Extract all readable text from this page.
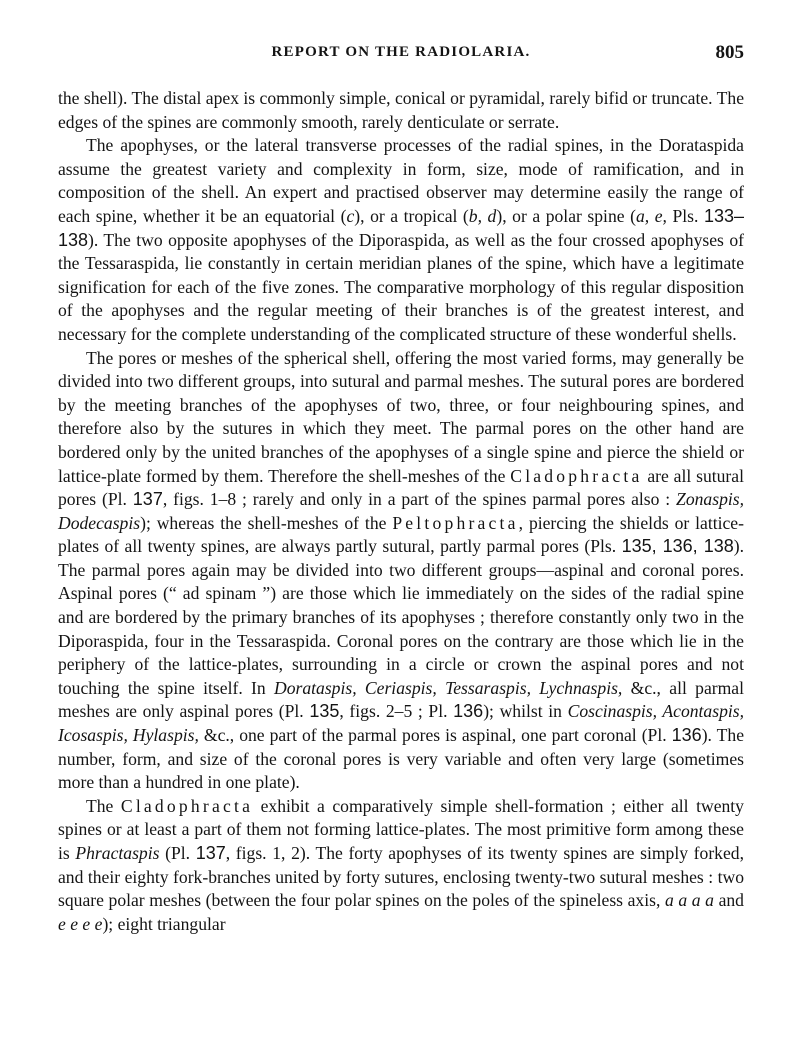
REPORT ON THE RADIOLARIA.	805

the shell). The distal apex is commonly simple, conical or pyramidal, rarely bifid or truncate. The edges of the spines are commonly smooth, rarely denticulate or serrate.

The apophyses, or the lateral transverse processes of the radial spines, in the Dorataspida assume the greatest variety and complexity in form, size, mode of ramification, and in composition of the shell. An expert and practised observer may determine easily the range of each spine, whether it be an equatorial (c), or a tropical (b, d), or a polar spine (a, e, Pls. 133–138). The two opposite apophyses of the Diporaspida, as well as the four crossed apophyses of the Tessaraspida, lie constantly in certain meridian planes of the spine, which have a legitimate signification for each of the five zones. The comparative morphology of this regular disposition of the apophyses and the regular meeting of their branches is of the greatest interest, and necessary for the complete understanding of the complicated structure of these wonderful shells.

The pores or meshes of the spherical shell, offering the most varied forms, may generally be divided into two different groups, into sutural and parmal meshes. The sutural pores are bordered by the meeting branches of the apophyses of two, three, or four neighbouring spines, and therefore also by the sutures in which they meet. The parmal pores on the other hand are bordered only by the united branches of the apophyses of a single spine and pierce the shield or lattice-plate formed by them. Therefore the shell-meshes of the Cladophracta are all sutural pores (Pl. 137, figs. 1–8 ; rarely and only in a part of the spines parmal pores also : Zonaspis, Dodecaspis); whereas the shell-meshes of the Peltophracta, piercing the shields or lattice-plates of all twenty spines, are always partly sutural, partly parmal pores (Pls. 135, 136, 138). The parmal pores again may be divided into two different groups—aspinal and coronal pores. Aspinal pores (“ ad spinam ”) are those which lie immediately on the sides of the radial spine and are bordered by the primary branches of its apophyses ; therefore constantly only two in the Diporaspida, four in the Tessaraspida. Coronal pores on the contrary are those which lie in the periphery of the lattice-plates, surrounding in a circle or crown the aspinal pores and not touching the spine itself. In Dorataspis, Ceriaspis, Tessaraspis, Lychnaspis, &c., all parmal meshes are only aspinal pores (Pl. 135, figs. 2–5 ; Pl. 136); whilst in Coscinaspis, Acontaspis, Icosaspis, Hylaspis, &c., one part of the parmal pores is aspinal, one part coronal (Pl. 136). The number, form, and size of the coronal pores is very variable and often very large (sometimes more than a hundred in one plate).

The Cladophracta exhibit a comparatively simple shell-formation ; either all twenty spines or at least a part of them not forming lattice-plates. The most primitive form among these is Phractaspis (Pl. 137, figs. 1, 2). The forty apophyses of its twenty spines are simply forked, and their eighty fork-branches united by forty sutures, enclosing twenty-two sutural meshes : two square polar meshes (between the four polar spines on the poles of the spineless axis, a a a a and e e e e); eight triangular
